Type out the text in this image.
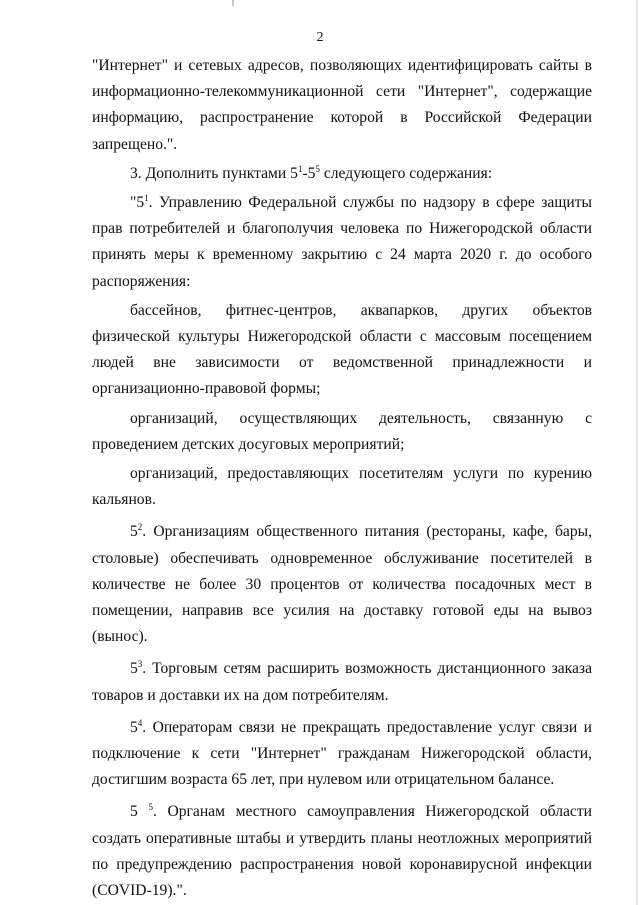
2

"Интернет" и сетевых адресов, позволяющих идентифицировать сайты в информационно-телекоммуникационной сети "Интернет", содержащие информацию, распространение которой в Российской Федерации запрещено.".

3. Дополнить пунктами $5^1-5^5$ следующего содержания:

"$5^1$. Управлению Федеральной службы по надзору в сфере защиты прав потребителей и благополучия человека по Нижегородской области принять меры к временному закрытию с 24 марта 2020 г. до особого распоряжения:

бассейнов, фитнес-центров, аквапарков, других объектов физической культуры Нижегородской области с массовым посещением людей вне зависимости от ведомственной принадлежности и организационно-правовой формы;

организаций, осуществляющих деятельность, связанную с проведением детских досуговых мероприятий;

организаций, предоставляющих посетителям услуги по курению кальянов.

$5^2$. Организациям общественного питания (рестораны, кафе, бары, столовые) обеспечивать одновременное обслуживание посетителей в количестве не более 30 процентов от количества посадочных мест в помещении, направив все усилия на доставку готовой еды на вывоз (вынос).

$5^3$. Торговым сетям расширить возможность дистанционного заказа товаров и доставки их на дом потребителям.

$5^4$. Операторам связи не прекращать предоставление услуг связи и подключение к сети "Интернет" гражданам Нижегородской области, достигшим возраста 65 лет, при нулевом или отрицательном балансе.

5 $^5$. Органам местного самоуправления Нижегородской области создать оперативные штабы и утвердить планы неотложных мероприятий по предупреждению распространения новой коронавирусной инфекции (COVID-19).".
